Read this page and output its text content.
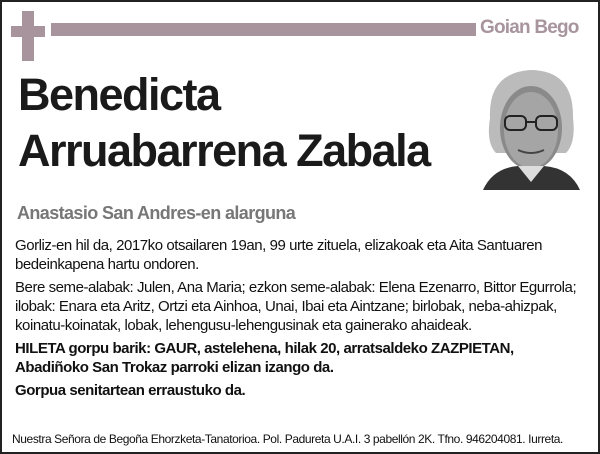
Goian Bego
Benedicta
Arruabarrena Zabala
Anastasio San Andres-en alarguna

Gorliz-en hil da, 2017ko otsailaren 19an, 99 urte zituela, elizakoak eta Aita Santuaren bedeinkapena hartu ondoren.

Bere seme-alabak: Julen, Ana Maria; ezkon seme-alabak: Elena Ezenarro, Bittor Egurrola; ilobak: Enara eta Aritz, Ortzi eta Ainhoa, Unai, Ibai eta Aintzane; birlobak, neba-ahizpak, koinatu-koinatak, lobak, lehengusu-lehengusinak eta gainerako ahaideak.

HILETA gorpu barik: GAUR, astelehena, hilak 20, arratsaldeko ZAZPIETAN, Abadiñoko San Trokaz parroki elizan izango da.

Gorpua senitartean erraustuko da.

Nuestra Señora de Begoña Ehorzketa-Tanatorioa. Pol. Padureta U.A.I. 3 pabellón 2K. Tfno. 946204081. Iurreta.
